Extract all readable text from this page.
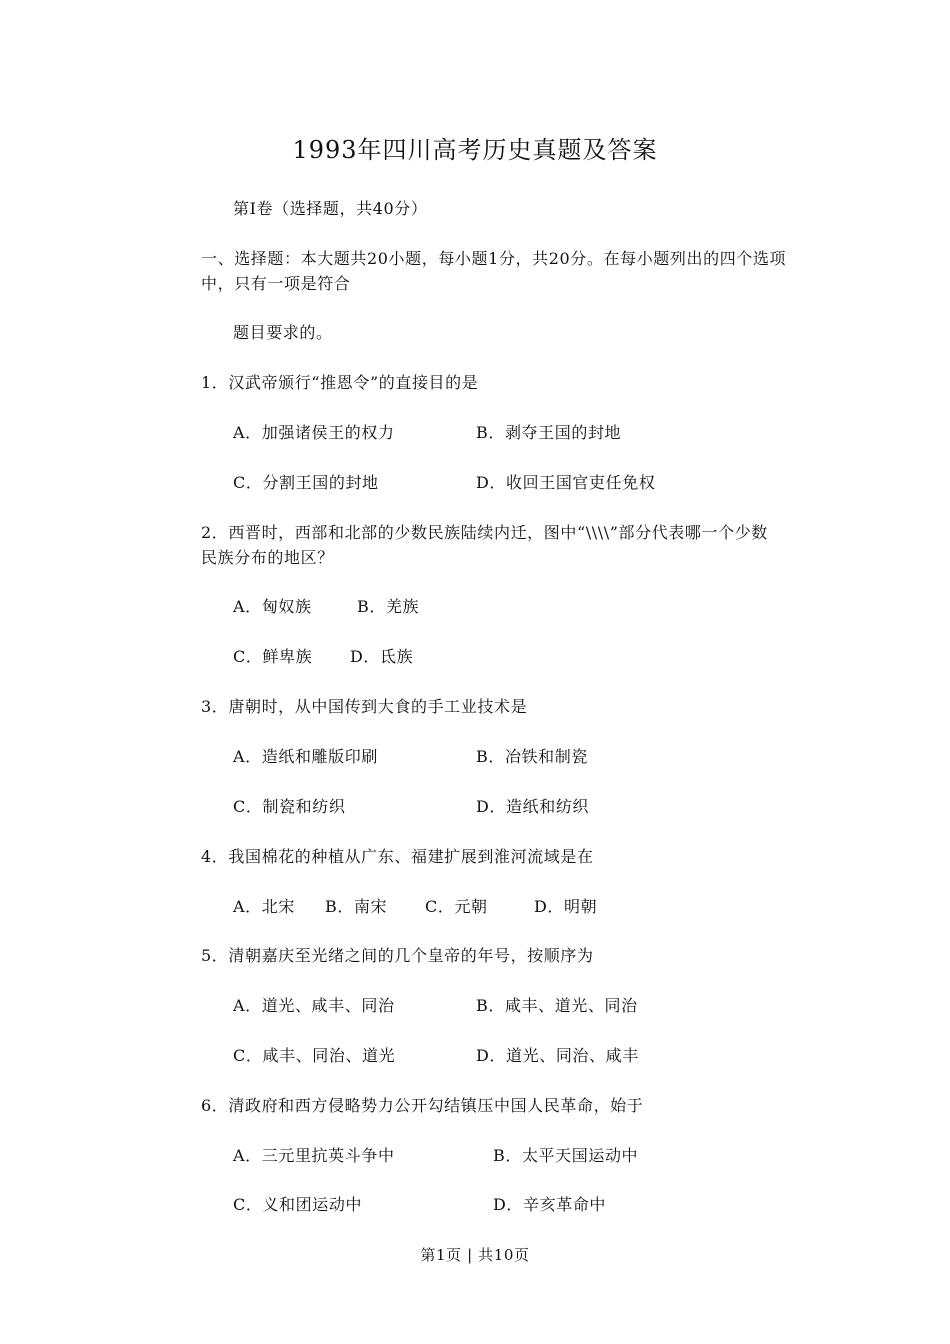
1993年四川高考历史真题及答案
第Ⅰ卷（选择题，共40分）
一、选择题：本大题共20小题，每小题1分，共20分。在每小题列出的四个选项
中，只有一项是符合
题目要求的。
1．汉武帝颁行“推恩令”的直接目的是
A．加强诸侯王的权力	B．剥夺王国的封地
C．分割王国的封地	D．收回王国官吏任免权
2．西晋时，西部和北部的少数民族陆续内迁，图中“\\\\”部分代表哪一个少数
民族分布的地区？
A．匈奴族	B．羌族
C．鲜卑族 D．氐族
3．唐朝时，从中国传到大食的手工业技术是
A．造纸和雕版印刷	B．冶铁和制瓷
C．制瓷和纺织	D．造纸和纺织
4．我国棉花的种植从广东、福建扩展到淮河流域是在
A．北宋 B．南宋 C．元朝	D．明朝
5．清朝嘉庆至光绪之间的几个皇帝的年号，按顺序为
A．道光、咸丰、同治	B．咸丰、道光、同治
C．咸丰、同治、道光	D．道光、同治、咸丰
6．清政府和西方侵略势力公开勾结镇压中国人民革命，始于
A．三元里抗英斗争中	B．太平天国运动中
C．义和团运动中	D．辛亥革命中
第1页 | 共10页
